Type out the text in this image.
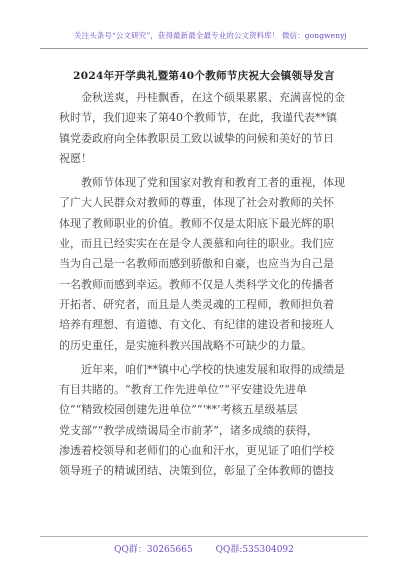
关注头条号“公文研究”，获得最新最全最专业的公文资料库！ 微信：gongwenyj
2024年开学典礼暨第40个教师节庆祝大会镇领导发言

金秋送爽，丹桂飘香，在这个硕果累累、充满喜悦的金
秋时节，我们迎来了第40个教师节，在此，我谨代表**镇
镇党委政府向全体教职员工致以诚挚的问候和美好的节日
祝愿！

教师节体现了党和国家对教育和教育工者的重视，体现
了广大人民群众对教师的尊重，体现了社会对教师的关怀
体现了教师职业的价值。教师不仅是太阳底下最光辉的职
业，而且已经实实在在是令人羡慕和向往的职业。我们应
当为自己是一名教师而感到骄傲和自豪，也应当为自己是
一名教师而感到幸运。教师不仅是人类科学文化的传播者
开拓者、研究者，而且是人类灵魂的工程师，教师担负着
培养有理想、有道德、有文化、有纪律的建设者和接班人
的历史重任，是实施科教兴国战略不可缺少的力量。

近年来，咱们**镇中心学校的快速发展和取得的成绩是
有目共睹的。“教育工作先进单位”“平安建设先进单
位”“精致校园创建先进单位”“‘**’考核五星级基层
党支部”“教学成绩谒局全市前茅”，诸多成绩的获得，
渗透着校领导和老师们的心血和汗水，更见证了咱们学校
领导班子的精诚团结、决策到位，彰显了全体教师的德技

QQ群：30265665	QQ群:535304092
